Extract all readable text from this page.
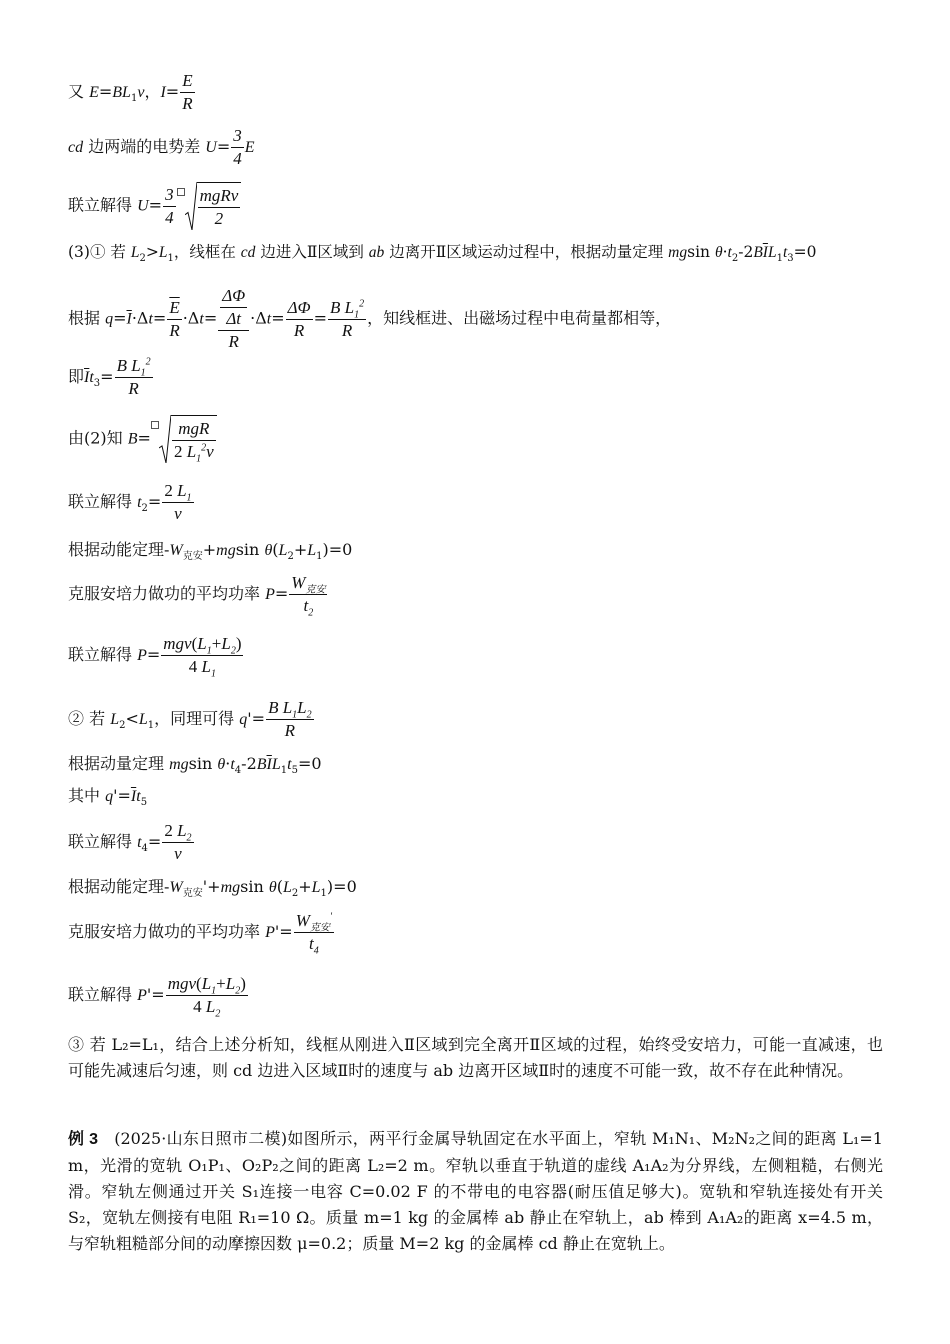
又 $E=BL_1v$，$I= \frac{E}{R}$
cd 边两端的电势差 $U= \frac{3}{4}$ E
联立解得 $U= \frac{3}{4} \frac{\text{mgRv}}{2}$
(3)① 若 $L_2>L_1$，线框在 cd 边进入Ⅱ区域到 ab 边离开Ⅱ区域运动过程中，根据动量定理 mgsin $\theta\cdot t_2-2B\overline{I}L_1t_3=0$
根据 $q=\overline{I}\cdot\Delta t= \frac{\overline{E}}{R} \cdot\Delta t= \frac{\frac{\Delta\Phi}{\Delta t}}{R} \cdot\Delta t= \frac{\Delta\Phi}{R} = \frac{B L_1^2}{R}$ ，知线框进、出磁场过程中电荷量都相等，
即$\overline{I}t_3= \frac{B L_1^2}{R}$
由(2)知 $B= \frac{\text{mgR}}{2 L_1^2v}$
联立解得 $t_2= \frac{2 L_1}{v}$
根据动能定理$-W_{克安}+mgsin$ $\theta(L_2+L_1)=0$
克服安培力做功的平均功率 $P= \frac{W_{克安}}{t_2}$
联立解得 $P= \frac{mgv(L_1+L_2)}{4 L_1}$
② 若 $L_2<L_1$，同理可得 $q'= \frac{B L_1L_2}{R}$
根据动量定理 mgsin $\theta\cdot t_4-2B\overline{I}L_1t_5=0$
其中 $q'=\overline{I}t_5$
联立解得 $t_4= \frac{2 L_2}{v}$
根据动能定理$-W_{克安}'+mgsin$ $\theta(L_2+L_1)=0$
克服安培力做功的平均功率 $P'= \frac{W_{克安}'}{t_4}$
联立解得 $P'= \frac{mgv(L_1+L_2)}{4 L_2}$
③ 若 L₂=L₁，结合上述分析知，线框从刚进入Ⅱ区域到完全离开Ⅱ区域的过程，始终受安培力，可能一直减速，也可能先减速后匀速，则 cd 边进入区域Ⅱ时的速度与 ab 边离开区域Ⅱ时的速度不可能一致，故不存在此种情况。
例 3 (2025·山东日照市二模)如图所示，两平行金属导轨固定在水平面上，窄轨 M₁N₁、M₂N₂之间的距离 L₁=1 m，光滑的宽轨 O₁P₁、O₂P₂之间的距离 L₂=2 m。窄轨以垂直于轨道的虚线 A₁A₂为分界线，左侧粗糙，右侧光滑。窄轨左侧通过开关 S₁连接一电容 C=0.02 F 的不带电的电容器(耐压值足够大)。宽轨和窄轨连接处有开关 S₂，宽轨左侧接有电阻 R₁=10 Ω。质量 m=1 kg 的金属棒 ab 静止在窄轨上，ab 棒到 A₁A₂的距离 x=4.5 m，与窄轨粗糙部分间的动摩擦因数 μ=0.2；质量 M=2 kg 的金属棒 cd 静止在宽轨上。
